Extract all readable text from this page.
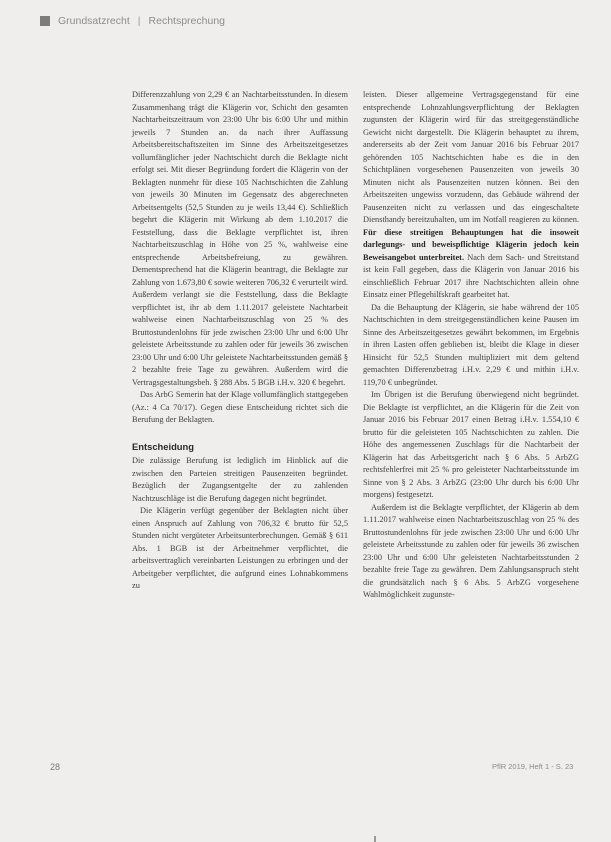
Grundsatzrecht | Rechtsprechung

Differenzzahlung von 2,29 € an Nachtarbeitsstunden. In diesem Zusammenhang trägt die Klägerin vor, Schicht den gesamten Nachtarbeitszeitraum von 23:00 Uhr bis 6:00 Uhr und mithin jeweils 7 Stunden an. da nach ihrer Auffassung Arbeitsbereitschaftszeiten im Sinne des Arbeitszeitgesetzes vollumfänglicher jeder Nachtschicht durch die Beklagte nicht erfolgt sei. Mit dieser Begründung fordert die Klägerin von der Beklagten nunmehr für diese 105 Nachtschichten die Zahlung von jeweils 30 Minuten im Gegensatz des abgerechneten Arbeitsentgelts (52,5 Stunden zu je weils 13,44 €). Schließlich begehrt die Klägerin mit Wirkung ab dem 1.10.2017 die Feststellung, dass die Beklagte verpflichtet ist, ihren Nachtarbeitszuschlag in Höhe von 25 %, wahlweise eine entsprechende Arbeitsbefreiung, zu gewähren. Dementsprechend hat die Klägerin beantragt, die Beklagte zur Zahlung von 1.673,80 € sowie weiteren 706,32 € verurteilt wird. Außerdem verlangt sie die Feststellung, dass die Beklagte verpflichtet ist, ihr ab dem 1.11.2017 geleistete Nachtarbeit wahlweise einen Nachtarbeitszuschlag von 25 % des Bruttostundenlohns für jede zwischen 23:00 Uhr und 6:00 Uhr geleistete Arbeitsstunde zu zahlen oder für jeweils 36 zwischen 23:00 Uhr und 6:00 Uhr geleistete Nachtarbeitsstunden gemäß § 2 bezahlte freie Tage zu gewähren. Außerdem wird die Vertragsgestaltungsbeh. § 288 Abs. 5 BGB i.H.v. 320 € begehrt.

Das ArbG Semerin hat der Klage vollumfänglich stattgegeben (Az.: 4 Ca 70/17). Gegen diese Entscheidung richtet sich die Berufung der Beklagten.

Entscheidung

Die zulässige Berufung ist lediglich im Hinblick auf die zwischen den Parteien streitigen Pausenzeiten begründet. Bezüglich der Zugangsentgelte der zu zahlenden Nachtzuschläge ist die Berufung dagegen nicht begründet.

Die Klägerin verfügt gegenüber der Beklagten nicht über einen Anspruch auf Zahlung von 706,32 € brutto für 52,5 Stunden nicht vergüteter Arbeitsunterbrechungen. Gemäß § 611 Abs. 1 BGB ist der Arbeitnehmer verpflichtet, die arbeitsvertraglich vereinbarten Leistungen zu erbringen und der Arbeitgeber verpflichtet, die aufgrund eines Lohnabkommens zu

leisten. Dieser allgemeine Vertragsgegenstand für eine entsprechende Lohnzahlungsverpflichtung der Beklagten zugunsten der Klägerin wird für das streitgegenständliche Gewicht nicht dargestellt. Die Klägerin behauptet zu ihrem, andererseits ab der Zeit vom Januar 2016 bis Februar 2017 gehörenden 105 Nachtschichten habe es die in den Schichtplänen vorgesehenen Pausenzeiten von jeweils 30 Minuten nicht als Pausenzeiten nutzen können. Bei den Arbeitszeiten ungewiss vorzudenn, das Gebäude während der Pausenzeiten nicht zu verlassen und das eingeschaltete Diensthandy bereitzuhalten, um im Notfall reagieren zu können. Für diese streitigen Behauptungen hat die insoweit darlegungs- und beweispflichtige Klägerin jedoch kein Beweisangebot unterbreitet. Nach dem Sach- und Streitstand ist kein Fall gegeben, dass die Klägerin von Januar 2016 bis einschließlich Februar 2017 ihre Nachtschichten allein ohne Einsatz einer Pflegehilfskraft gearbeitet hat.

Da die Behauptung der Klägerin, sie habe während der 105 Nachtschichten in dem streitgegenständlichen keine Pausen im Sinne des Arbeitszeitgesetzes gewährt bekommen, im Ergebnis in ihren Lasten offen geblieben ist, bleibt die Klage in dieser Hinsicht für 52,5 Stunden multipliziert mit dem geltend gemachten Differenzbetrag i.H.v. 2,29 € und mithin i.H.v. 119,70 € unbegründet.

Im Übrigen ist die Berufung überwiegend nicht begründet. Die Beklagte ist verpflichtet, an die Klägerin für die Zeit von Januar 2016 bis Februar 2017 einen Betrag i.H.v. 1.554,10 € brutto für die geleisteten 105 Nachtschichten zu zahlen. Die Höhe des angemessenen Zuschlags für die Nachtarbeit der Klägerin hat das Arbeitsgericht nach § 6 Abs. 5 ArbZG rechtsfehlerfrei mit 25 % pro geleisteter Nachtarbeitsstunde im Sinne von § 2 Abs. 3 ArbZG (23:00 Uhr durch bis 6:00 Uhr morgens) festgesetzt.

Außerdem ist die Beklagte verpflichtet, der Klägerin ab dem 1.11.2017 wahlweise einen Nachtarbeitszuschlag von 25 % des Bruttostundenlohns für jede zwischen 23:00 Uhr und 6:00 Uhr geleistete Arbeitsstunde zu zahlen oder für jeweils 36 zwischen 23:00 Uhr und 6:00 Uhr geleisteten Nachtarbeitsstunden 2 bezahlte freie Tage zu gewähren. Dem Zahlungsanspruch steht die grundsätzlich nach § 6 Abs. 5 ArbZG vorgesehene Wahlmöglichkeit zugunste-

28	PflR 2019, Heft 1 - S. 23
